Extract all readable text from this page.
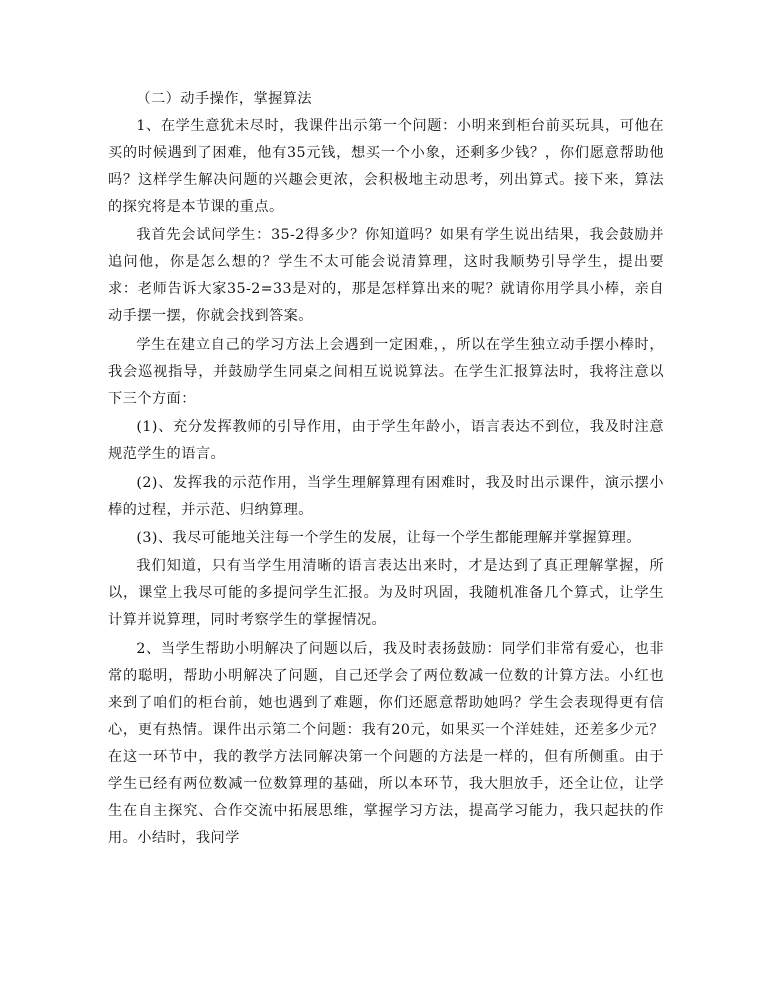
（二）动手操作，掌握算法

1、在学生意犹未尽时，我课件出示第一个问题：小明来到柜台前买玩具，可他在买的时候遇到了困难，他有35元钱，想买一个小象，还剩多少钱？，你们愿意帮助他吗？这样学生解决问题的兴趣会更浓，会积极地主动思考，列出算式。接下来，算法的探究将是本节课的重点。

我首先会试问学生：35-2得多少？你知道吗？如果有学生说出结果，我会鼓励并追问他，你是怎么想的？学生不太可能会说清算理，这时我顺势引导学生，提出要求：老师告诉大家35-2=33是对的，那是怎样算出来的呢？就请你用学具小棒，亲自动手摆一摆，你就会找到答案。

学生在建立自己的学习方法上会遇到一定困难，，所以在学生独立动手摆小棒时，我会巡视指导，并鼓励学生同桌之间相互说说算法。在学生汇报算法时，我将注意以下三个方面：

(1)、充分发挥教师的引导作用，由于学生年龄小，语言表达不到位，我及时注意规范学生的语言。

(2)、发挥我的示范作用，当学生理解算理有困难时，我及时出示课件，演示摆小棒的过程，并示范、归纳算理。

(3)、我尽可能地关注每一个学生的发展，让每一个学生都能理解并掌握算理。

我们知道，只有当学生用清晰的语言表达出来时，才是达到了真正理解掌握，所以，课堂上我尽可能的多提问学生汇报。为及时巩固，我随机准备几个算式，让学生计算并说算理，同时考察学生的掌握情况。

2、当学生帮助小明解决了问题以后，我及时表扬鼓励：同学们非常有爱心，也非常的聪明，帮助小明解决了问题，自己还学会了两位数减一位数的计算方法。小红也来到了咱们的柜台前，她也遇到了难题，你们还愿意帮助她吗？学生会表现得更有信心，更有热情。课件出示第二个问题：我有20元，如果买一个洋娃娃，还差多少元？在这一环节中，我的教学方法同解决第一个问题的方法是一样的，但有所侧重。由于学生已经有两位数减一位数算理的基础，所以本环节，我大胆放手，还全让位，让学生在自主探究、合作交流中拓展思维，掌握学习方法，提高学习能力，我只起扶的作用。小结时，我问学
